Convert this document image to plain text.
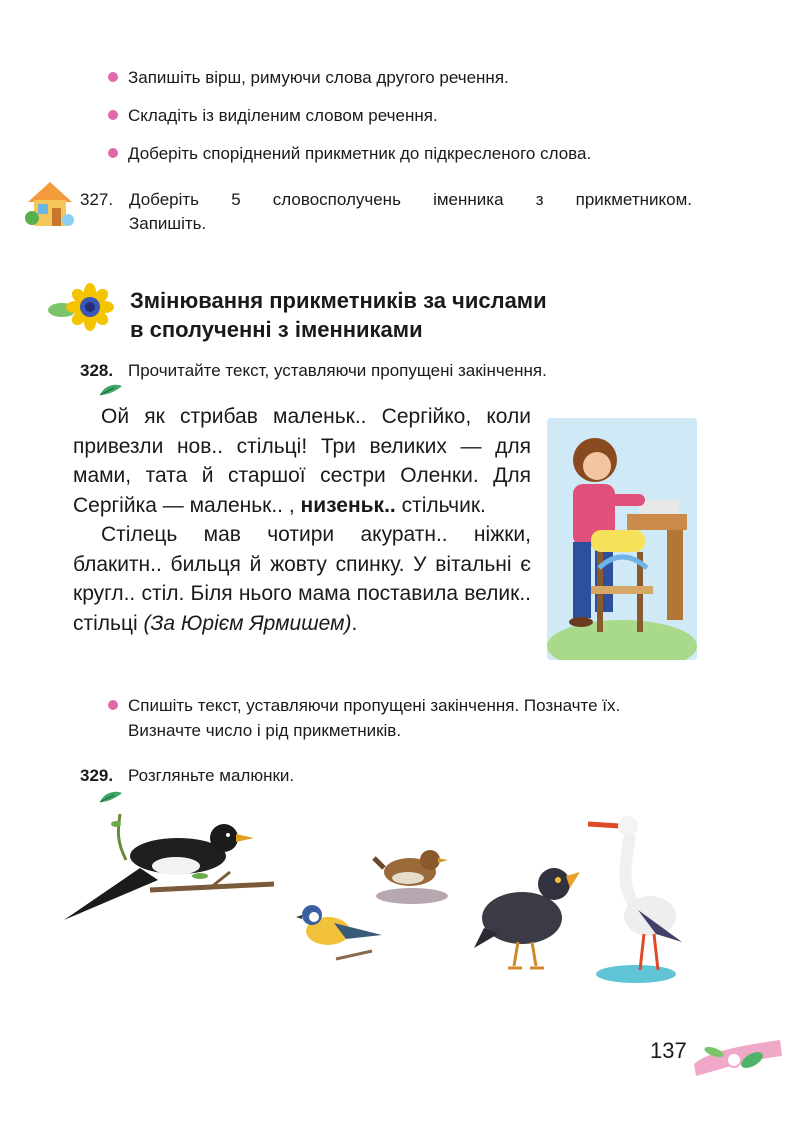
Запишіть вірш, римуючи слова другого речення.
Складіть із виділеним словом речення.
Доберіть споріднений прикметник до підкресленого слова.
327. Доберіть 5 словосполучень іменника з прикметником.
Запишіть.
Змінювання прикметників за числами
в сполученні з іменниками
328. Прочитайте текст, уставляючи пропущені закінчення.

Ой як стрибав маленьк.. Сергійко, коли привезли нов.. стільці! Три великих — для мами, тата й старшої сестри Оленки. Для Сергійка — маленьк.. , низеньк.. стільчик.

Стілець мав чотири акуратн.. ніжки, блакитн.. бильця й жовту спинку. У вітальні є кругл.. стіл. Біля нього мама поставила велик.. стільці (За Юрієм Ярмишем).

Спишіть текст, уставляючи пропущені закінчення. Позначте їх. Визначте число і рід прикметників.
329. Розгляньте малюнки.
137
